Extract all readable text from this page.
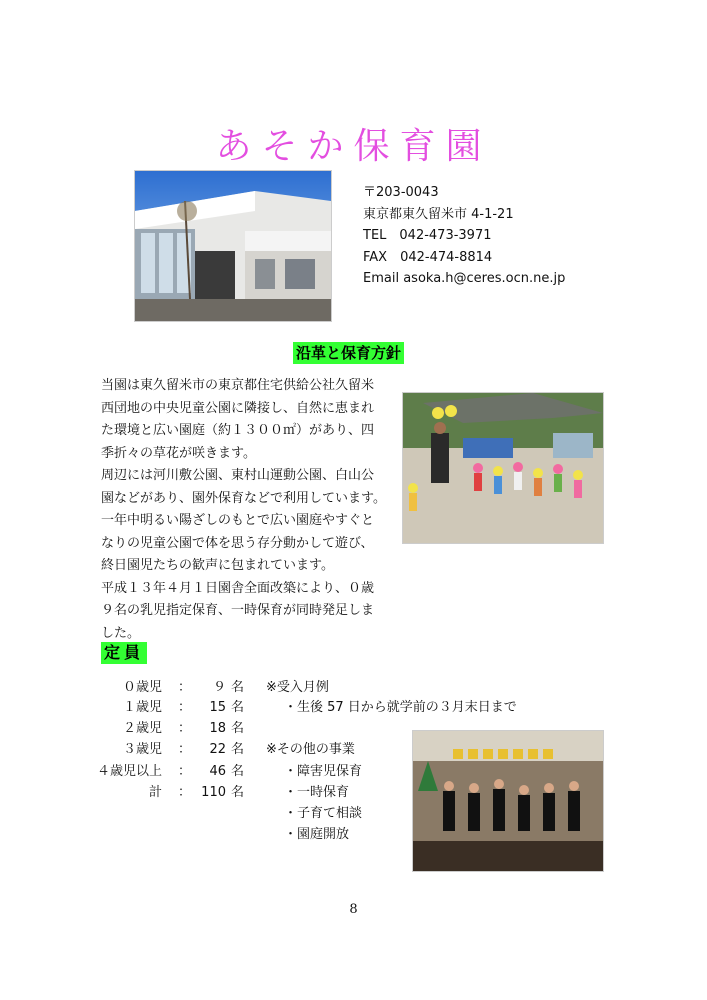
あそか保育園
〒203-0043
東京都東久留米市 4-1-21
TEL　042-473-3971
FAX　042-474-8814
Email asoka.h@ceres.ocn.ne.jp
沿革と保育方針
当園は東久留米市の東京都住宅供給公社久留米
西団地の中央児童公園に隣接し、自然に恵まれ
た環境と広い園庭（約１３００㎡）があり、四
季折々の草花が咲きます。
周辺には河川敷公園、東村山運動公園、白山公
園などがあり、園外保育などで利用しています。
一年中明るい陽ざしのもとで広い園庭やすぐと
なりの児童公園で体を思う存分動かして遊び、
終日園児たちの歓声に包まれています。
平成１３年４月１日園舎全面改築により、０歳
９名の乳児指定保育、一時保育が同時発足しま
した。
定員
０歳児 ：	９ 名
１歳児 ：	15 名
２歳児 ：	18 名
３歳児 ：	22 名
４歳児以上 ：	46 名
計 ： 110 名
※受入月例
・生後 57 日から就学前の３月末日まで
※その他の事業
・障害児保育
・一時保育
・子育て相談
・園庭開放
8
